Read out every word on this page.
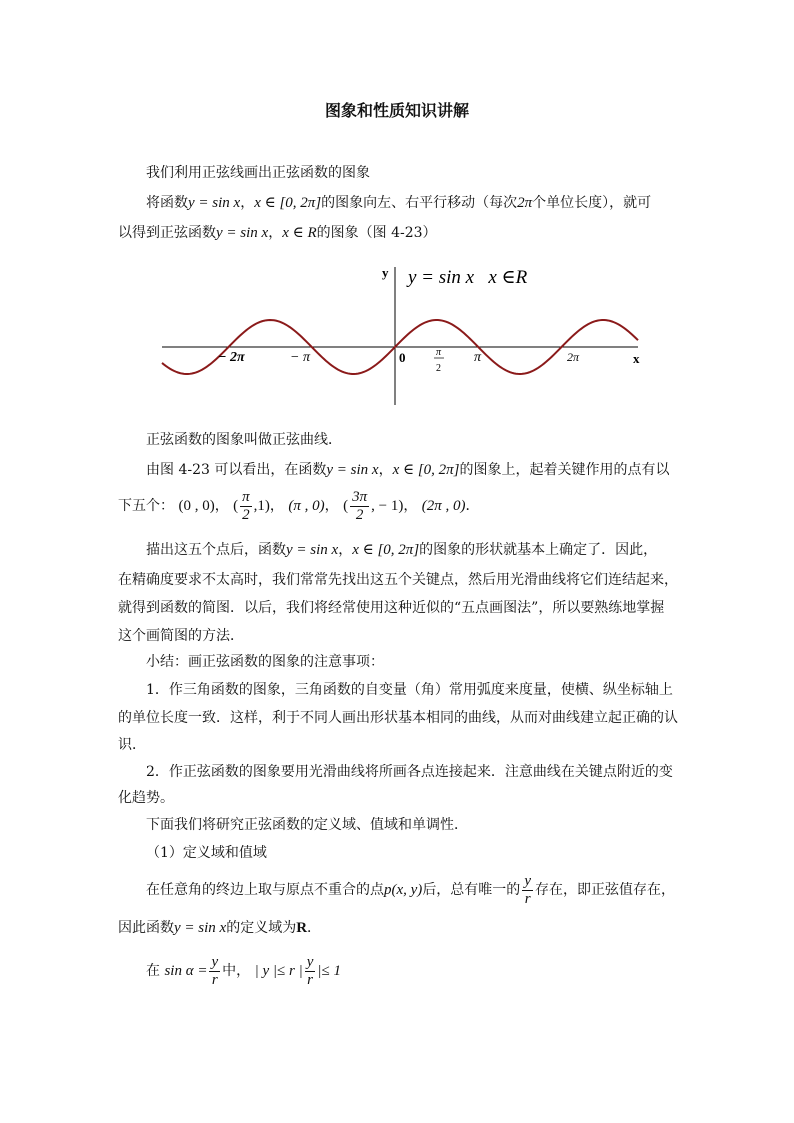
图象和性质知识讲解
我们利用正弦线画出正弦函数的图象
将函数y = sin x，x ∈ [0, 2π]的图象向左、右平行移动（每次2π个单位长度），就可
以得到正弦函数y = sin x，x ∈ R的图象（图 4-23）
y
x
y = sin x   x ∈R
0
− 2π	− π	π
2
π	2π
正弦函数的图象叫做正弦曲线．
由图 4-23 可以看出，在函数y = sin x，x ∈ [0, 2π]的图象上，起着关键作用的点有以
下五个： (0 , 0)， ( $\frac{\pi}{2} ,1$)， (π , 0)， ( $\frac{3\pi}{2}$ , − 1)， (2π , 0)．
描出这五个点后，函数y = sin x，x ∈ [0, 2π]的图象的形状就基本上确定了．因此，
在精确度要求不太高时，我们常常先找出这五个关键点，然后用光滑曲线将它们连结起来，
就得到函数的简图．以后，我们将经常使用这种近似的“五点画图法”，所以要熟练地掌握
这个画简图的方法．
小结：画正弦函数的图象的注意事项：
1．作三角函数的图象，三角函数的自变量（角）常用弧度来度量，使横、纵坐标轴上
的单位长度一致．这样，利于不同人画出形状基本相同的曲线，从而对曲线建立起正确的认
识．
2．作正弦函数的图象要用光滑曲线将所画各点连接起来．注意曲线在关键点附近的变
化趋势。
下面我们将研究正弦函数的定义域、值域和单调性．
（1）定义域和值域
在任意角的终边上取与原点不重合的点p(x, y)后，总有唯一的 $\frac{y}{r}$ 存在，即正弦值存在，
因此函数y = sin x的定义域为R．
在 $\sin \alpha = \frac{y}{r}$ 中， | y |≤ r | $\frac{y}{r}$ |≤ 1
